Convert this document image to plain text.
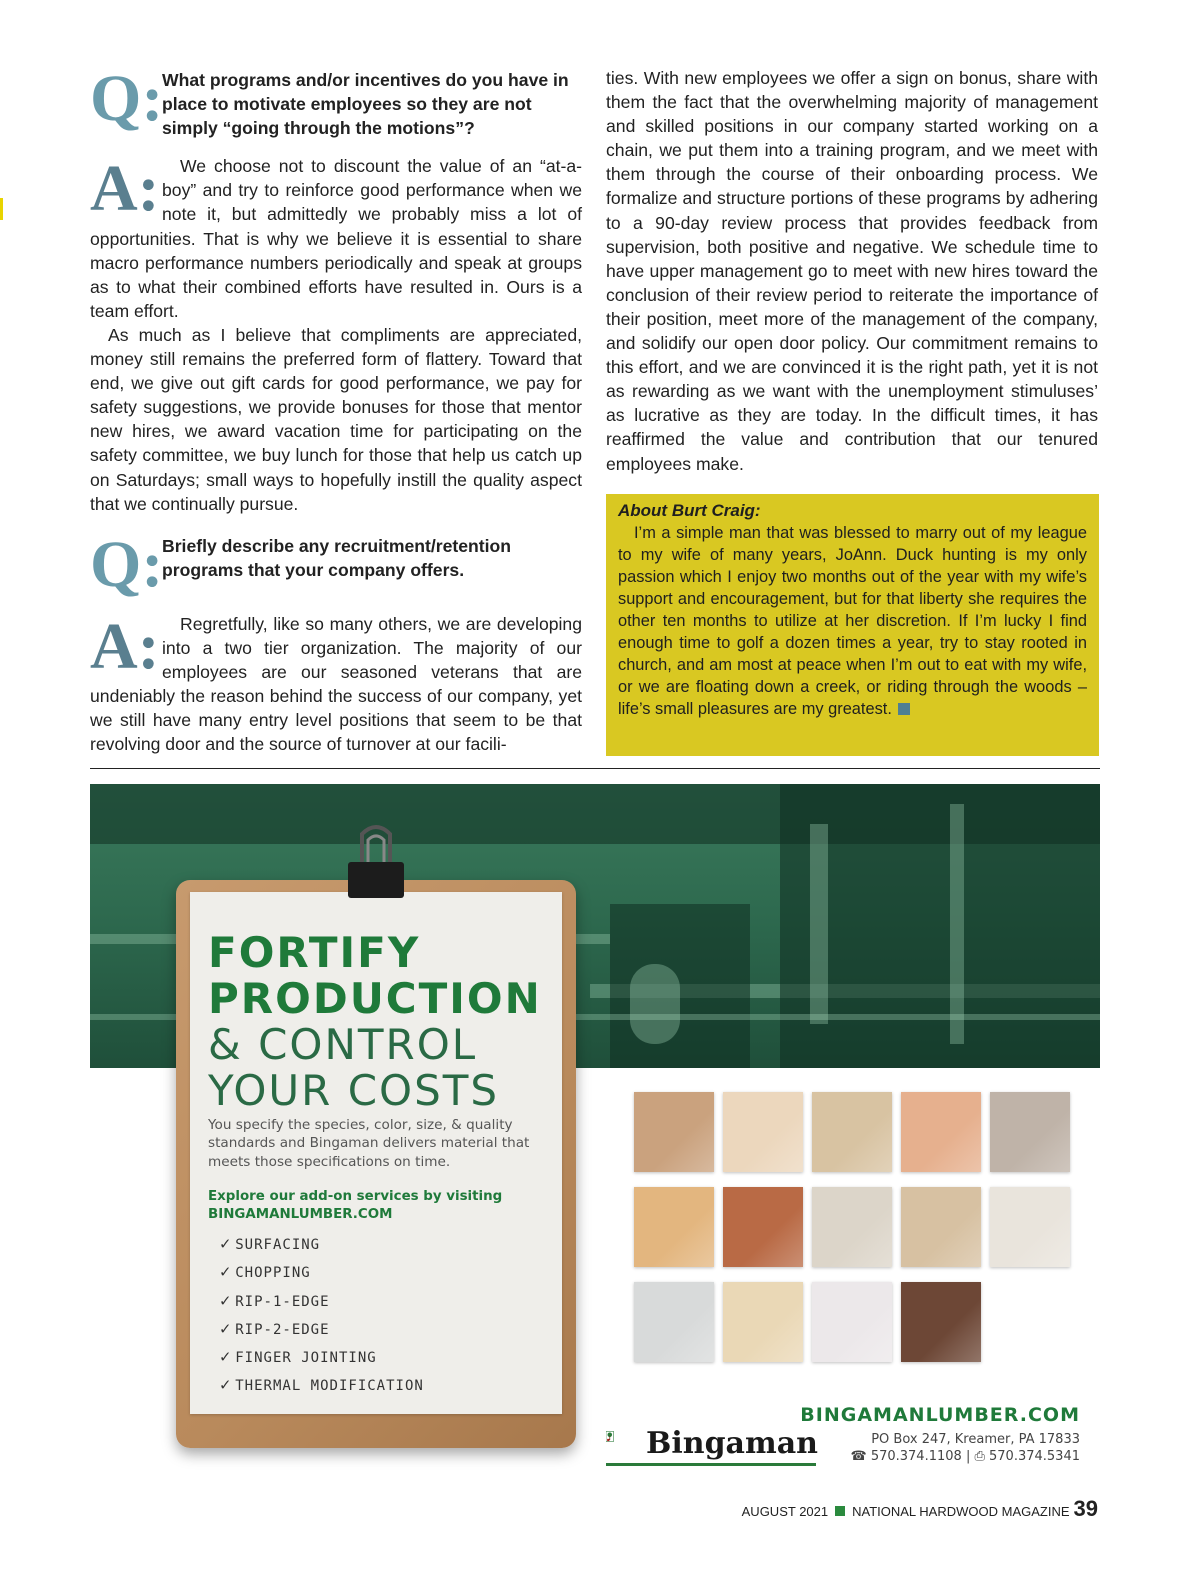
Q:
What programs and/or incentives do you have in place to motivate employees so they are not simply “going through the motions”?
A:	We choose not to discount the value of an “at-a-boy” and try to reinforce good performance when we note it, but admittedly we probably miss a lot of opportunities. That is why we believe it is essential to share macro performance numbers periodically and speak at groups as to what their combined efforts have resulted in. Ours is a team effort.

As much as I believe that compliments are appreciated, money still remains the preferred form of flattery. Toward that end, we give out gift cards for good performance, we pay for safety suggestions, we provide bonuses for those that mentor new hires, we award vacation time for participating on the safety committee, we buy lunch for those that help us catch up on Saturdays; small ways to hopefully instill the quality aspect that we continually pursue.

Q:
Briefly describe any recruitment/retention programs that your company offers.
A:	Regretfully, like so many others, we are developing into a two tier organization. The majority of our employees are our seasoned veterans that are undeniably the reason behind the success of our company, yet we still have many entry level positions that seem to be that revolving door and the source of turnover at our facili-

ties. With new employees we offer a sign on bonus, share with them the fact that the overwhelming majority of management and skilled positions in our company started working on a chain, we put them into a training program, and we meet with them through the course of their onboarding process. We formalize and structure portions of these programs by adhering to a 90-day review process that provides feedback from supervision, both positive and negative. We schedule time to have upper management go to meet with new hires toward the conclusion of their review period to reiterate the importance of their position, meet more of the management of the company, and solidify our open door policy. Our commitment remains to this effort, and we are convinced it is the right path, yet it is not as rewarding as we want with the unemployment stimuluses’ as lucrative as they are today. In the difficult times, it has reaffirmed the value and contribution that our tenured employees make.

About Burt Craig:

I’m a simple man that was blessed to marry out of my league to my wife of many years, JoAnn. Duck hunting is my only passion which I enjoy two months out of the year with my wife’s support and encouragement, but for that liberty she requires the other ten months to utilize at her discretion. If I’m lucky I find enough time to golf a dozen times a year, try to stay rooted in church, and am most at peace when I’m out to eat with my wife, or we are floating down a creek, or riding through the woods – life’s small pleasures are my greatest.

FORTIFY
PRODUCTION
& CONTROL
YOUR COSTS
You specify the species, color, size, & quality standards and Bingaman delivers material that meets those specifications on time.
Explore our add-on services by visiting
BINGAMANLUMBER.COM
✓ SURFACING
✓ CHOPPING
✓ RIP-1-EDGE
✓ RIP-2-EDGE
✓ FINGER JOINTING
✓ THERMAL MODIFICATION
Bingaman
BINGAMANLUMBER.COM
PO Box 247, Kreamer, PA 17833
☎ 570.374.1108 | ⎙ 570.374.5341
AUGUST 2021 NATIONAL HARDWOOD MAGAZINE 39
